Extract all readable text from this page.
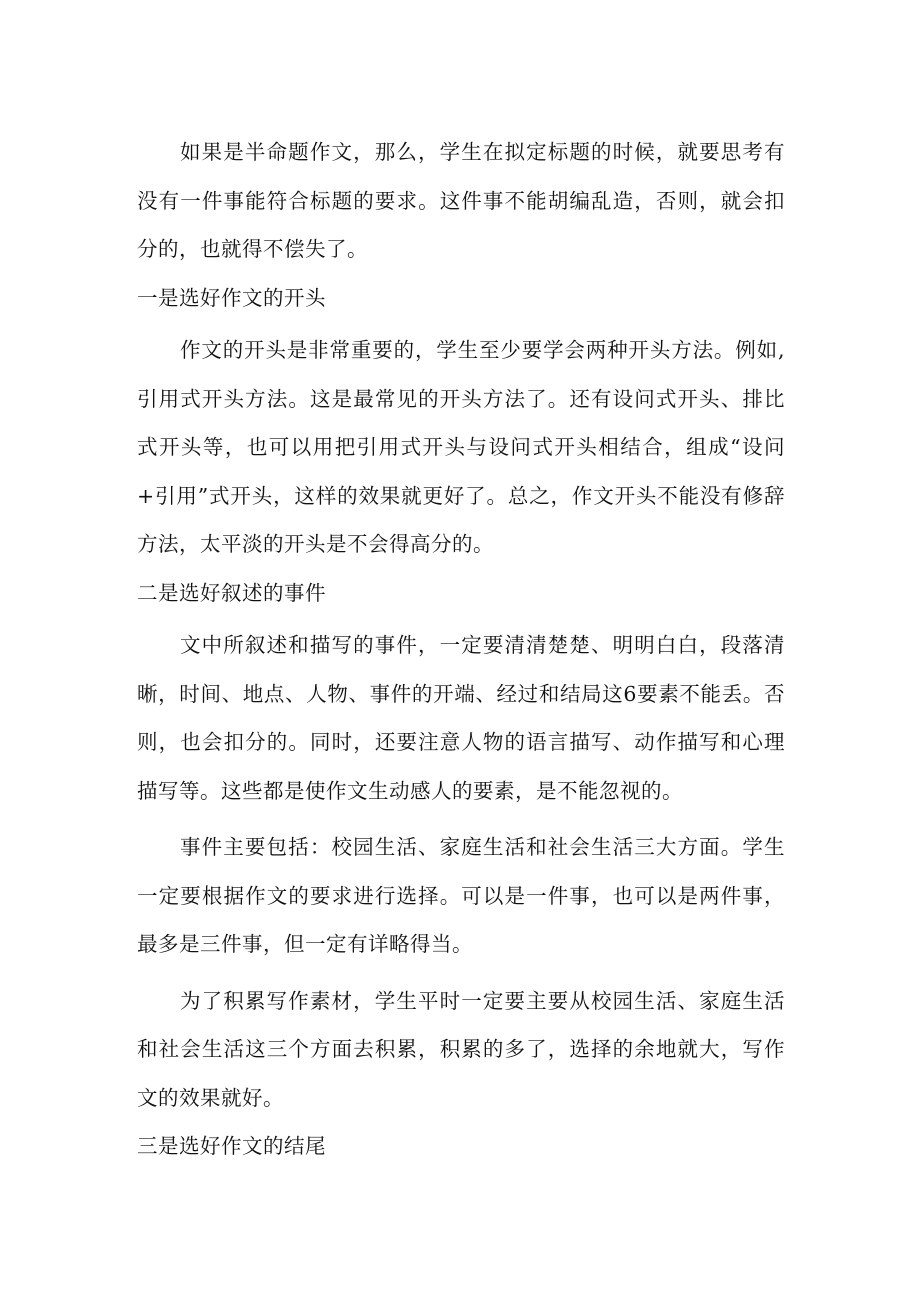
如果是半命题作文，那么，学生在拟定标题的时候，就要思考有没有一件事能符合标题的要求。这件事不能胡编乱造，否则，就会扣分的，也就得不偿失了。

一是选好作文的开头

作文的开头是非常重要的，学生至少要学会两种开头方法。例如,引用式开头方法。这是最常见的开头方法了。还有设问式开头、排比式开头等，也可以用把引用式开头与设问式开头相结合，组成“设问+引用”式开头，这样的效果就更好了。总之，作文开头不能没有修辞方法，太平淡的开头是不会得高分的。

二是选好叙述的事件

文中所叙述和描写的事件，一定要清清楚楚、明明白白，段落清晰，时间、地点、人物、事件的开端、经过和结局这6要素不能丢。否则，也会扣分的。同时，还要注意人物的语言描写、动作描写和心理描写等。这些都是使作文生动感人的要素，是不能忽视的。

事件主要包括：校园生活、家庭生活和社会生活三大方面。学生一定要根据作文的要求进行选择。可以是一件事，也可以是两件事，最多是三件事，但一定有详略得当。

为了积累写作素材，学生平时一定要主要从校园生活、家庭生活和社会生活这三个方面去积累，积累的多了，选择的余地就大，写作文的效果就好。

三是选好作文的结尾
